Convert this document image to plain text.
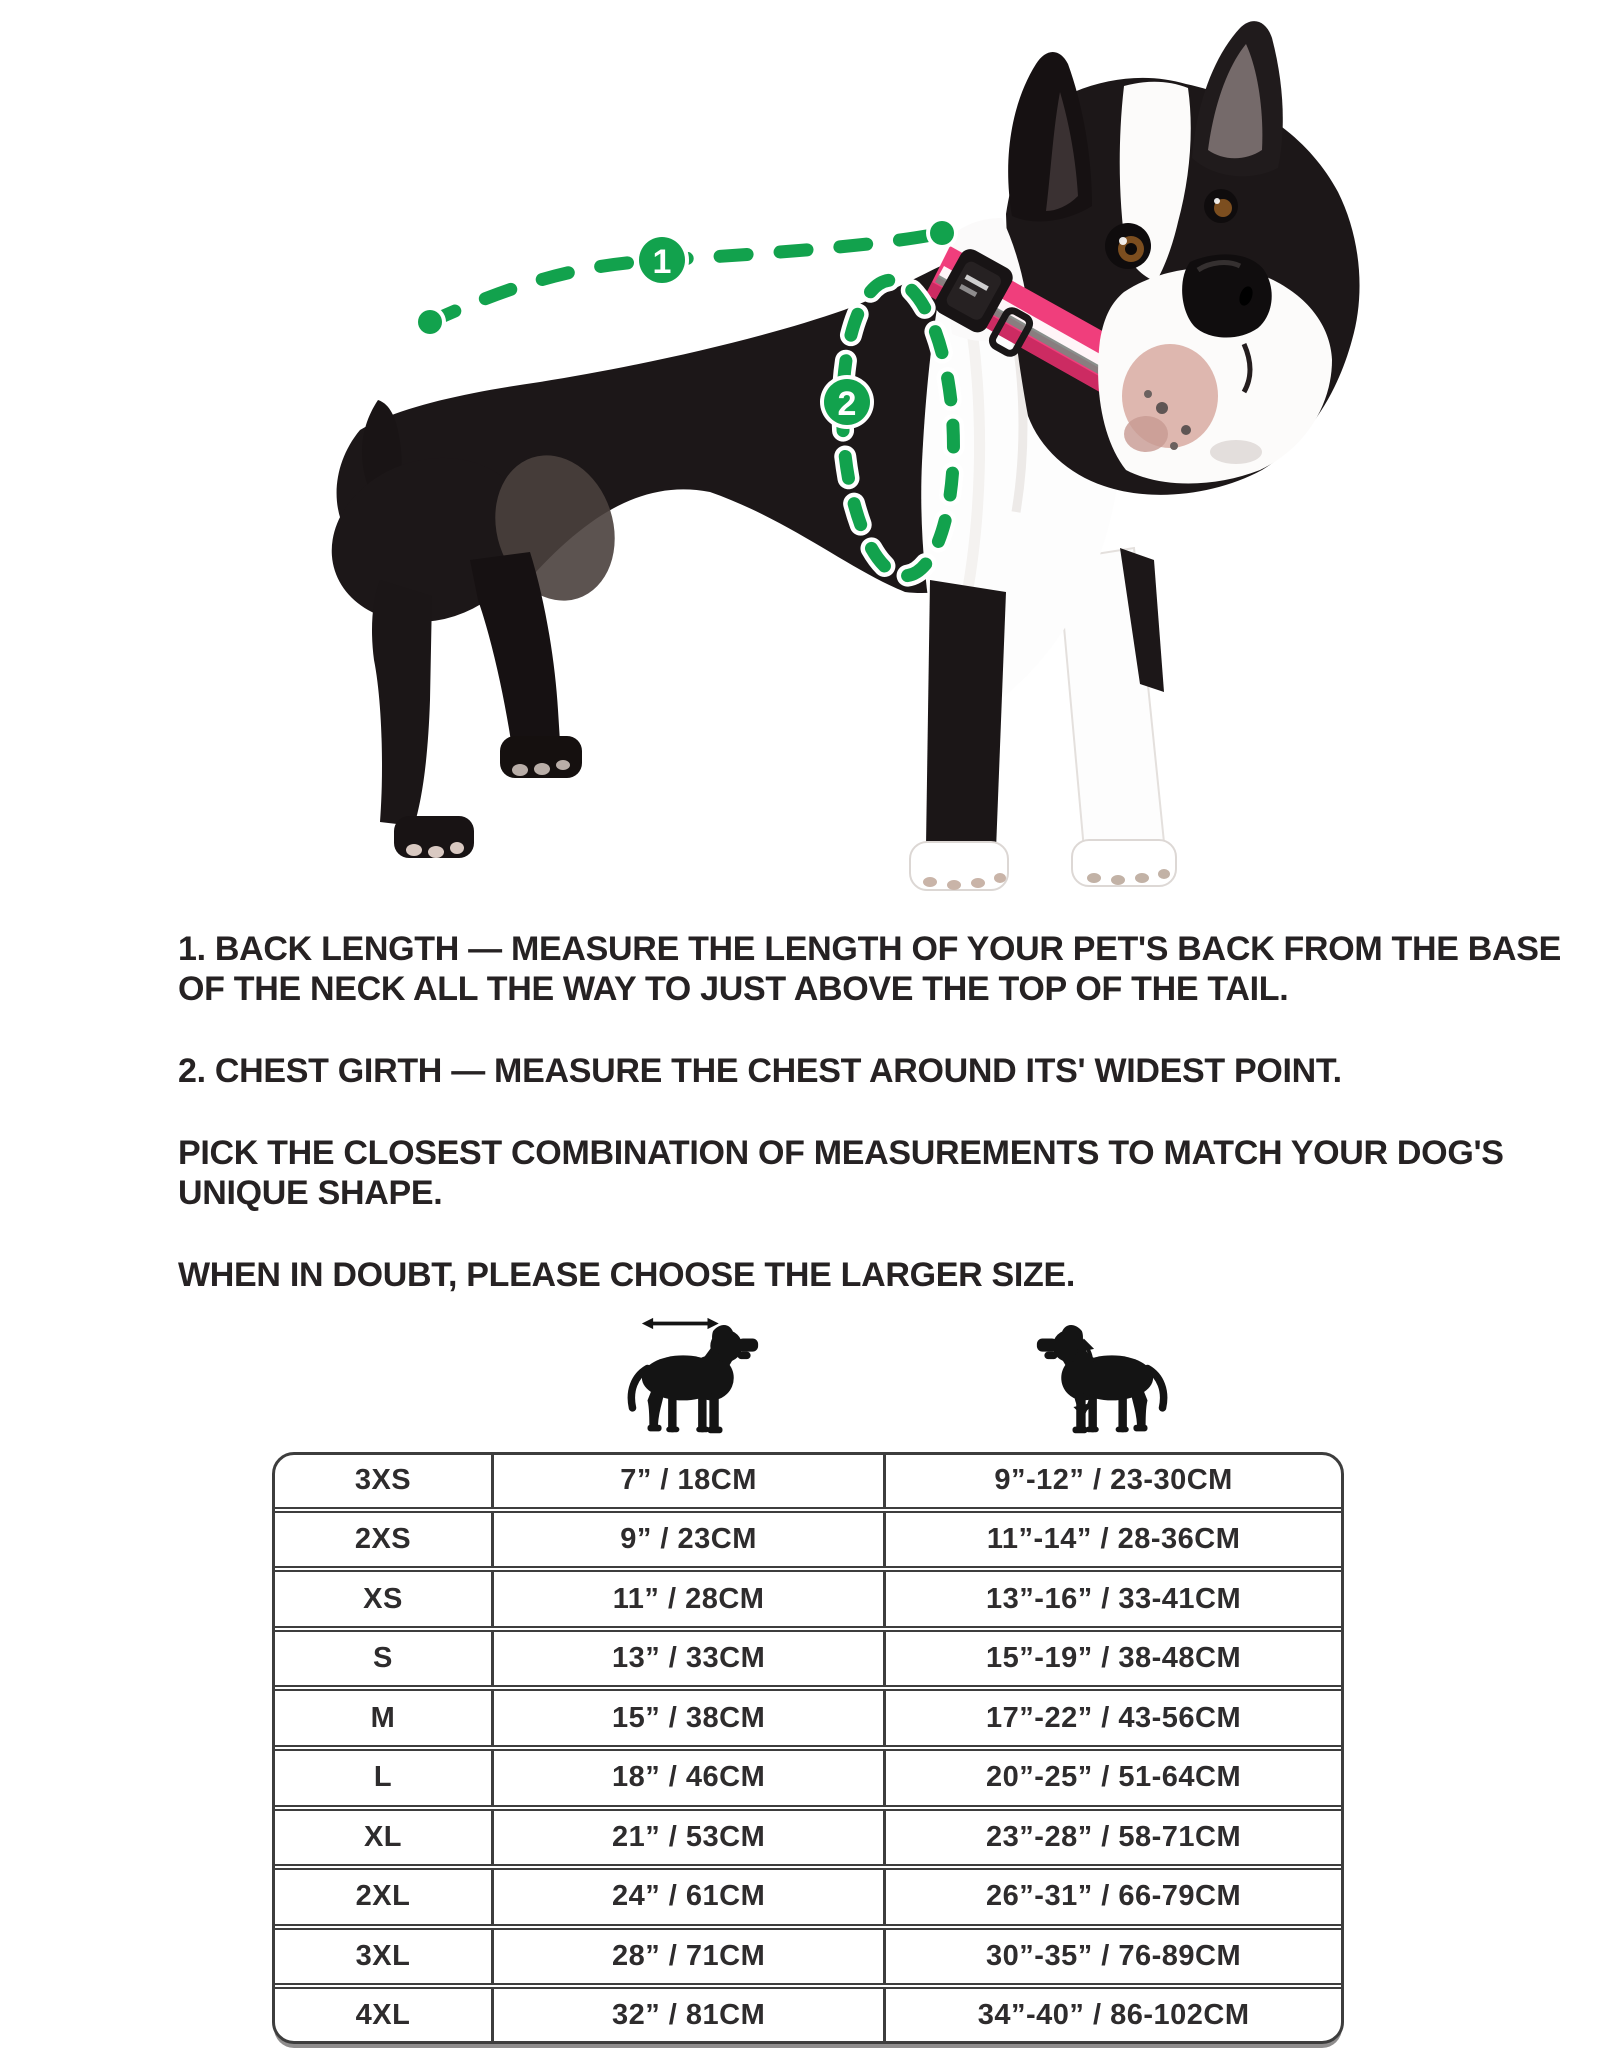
1
2

1. BACK LENGTH — MEASURE THE LENGTH OF YOUR PET'S BACK FROM THE BASE
OF THE NECK ALL THE WAY TO JUST ABOVE THE TOP OF THE TAIL.

2. CHEST GIRTH — MEASURE THE CHEST AROUND ITS' WIDEST POINT.

PICK THE CLOSEST COMBINATION OF MEASUREMENTS TO MATCH YOUR DOG'S
UNIQUE SHAPE.

WHEN IN DOUBT, PLEASE CHOOSE THE LARGER SIZE.

3XS	7” / 18CM	9”-12” / 23-30CM
2XS	9” / 23CM	11”-14” / 28-36CM
XS	11” / 28CM	13”-16” / 33-41CM
S	13” / 33CM	15”-19” / 38-48CM
M	15” / 38CM	17”-22” / 43-56CM
L	18” / 46CM	20”-25” / 51-64CM
XL	21” / 53CM	23”-28” / 58-71CM
2XL	24” / 61CM	26”-31” / 66-79CM
3XL	28” / 71CM	30”-35” / 76-89CM
4XL	32” / 81CM	34”-40” / 86-102CM
